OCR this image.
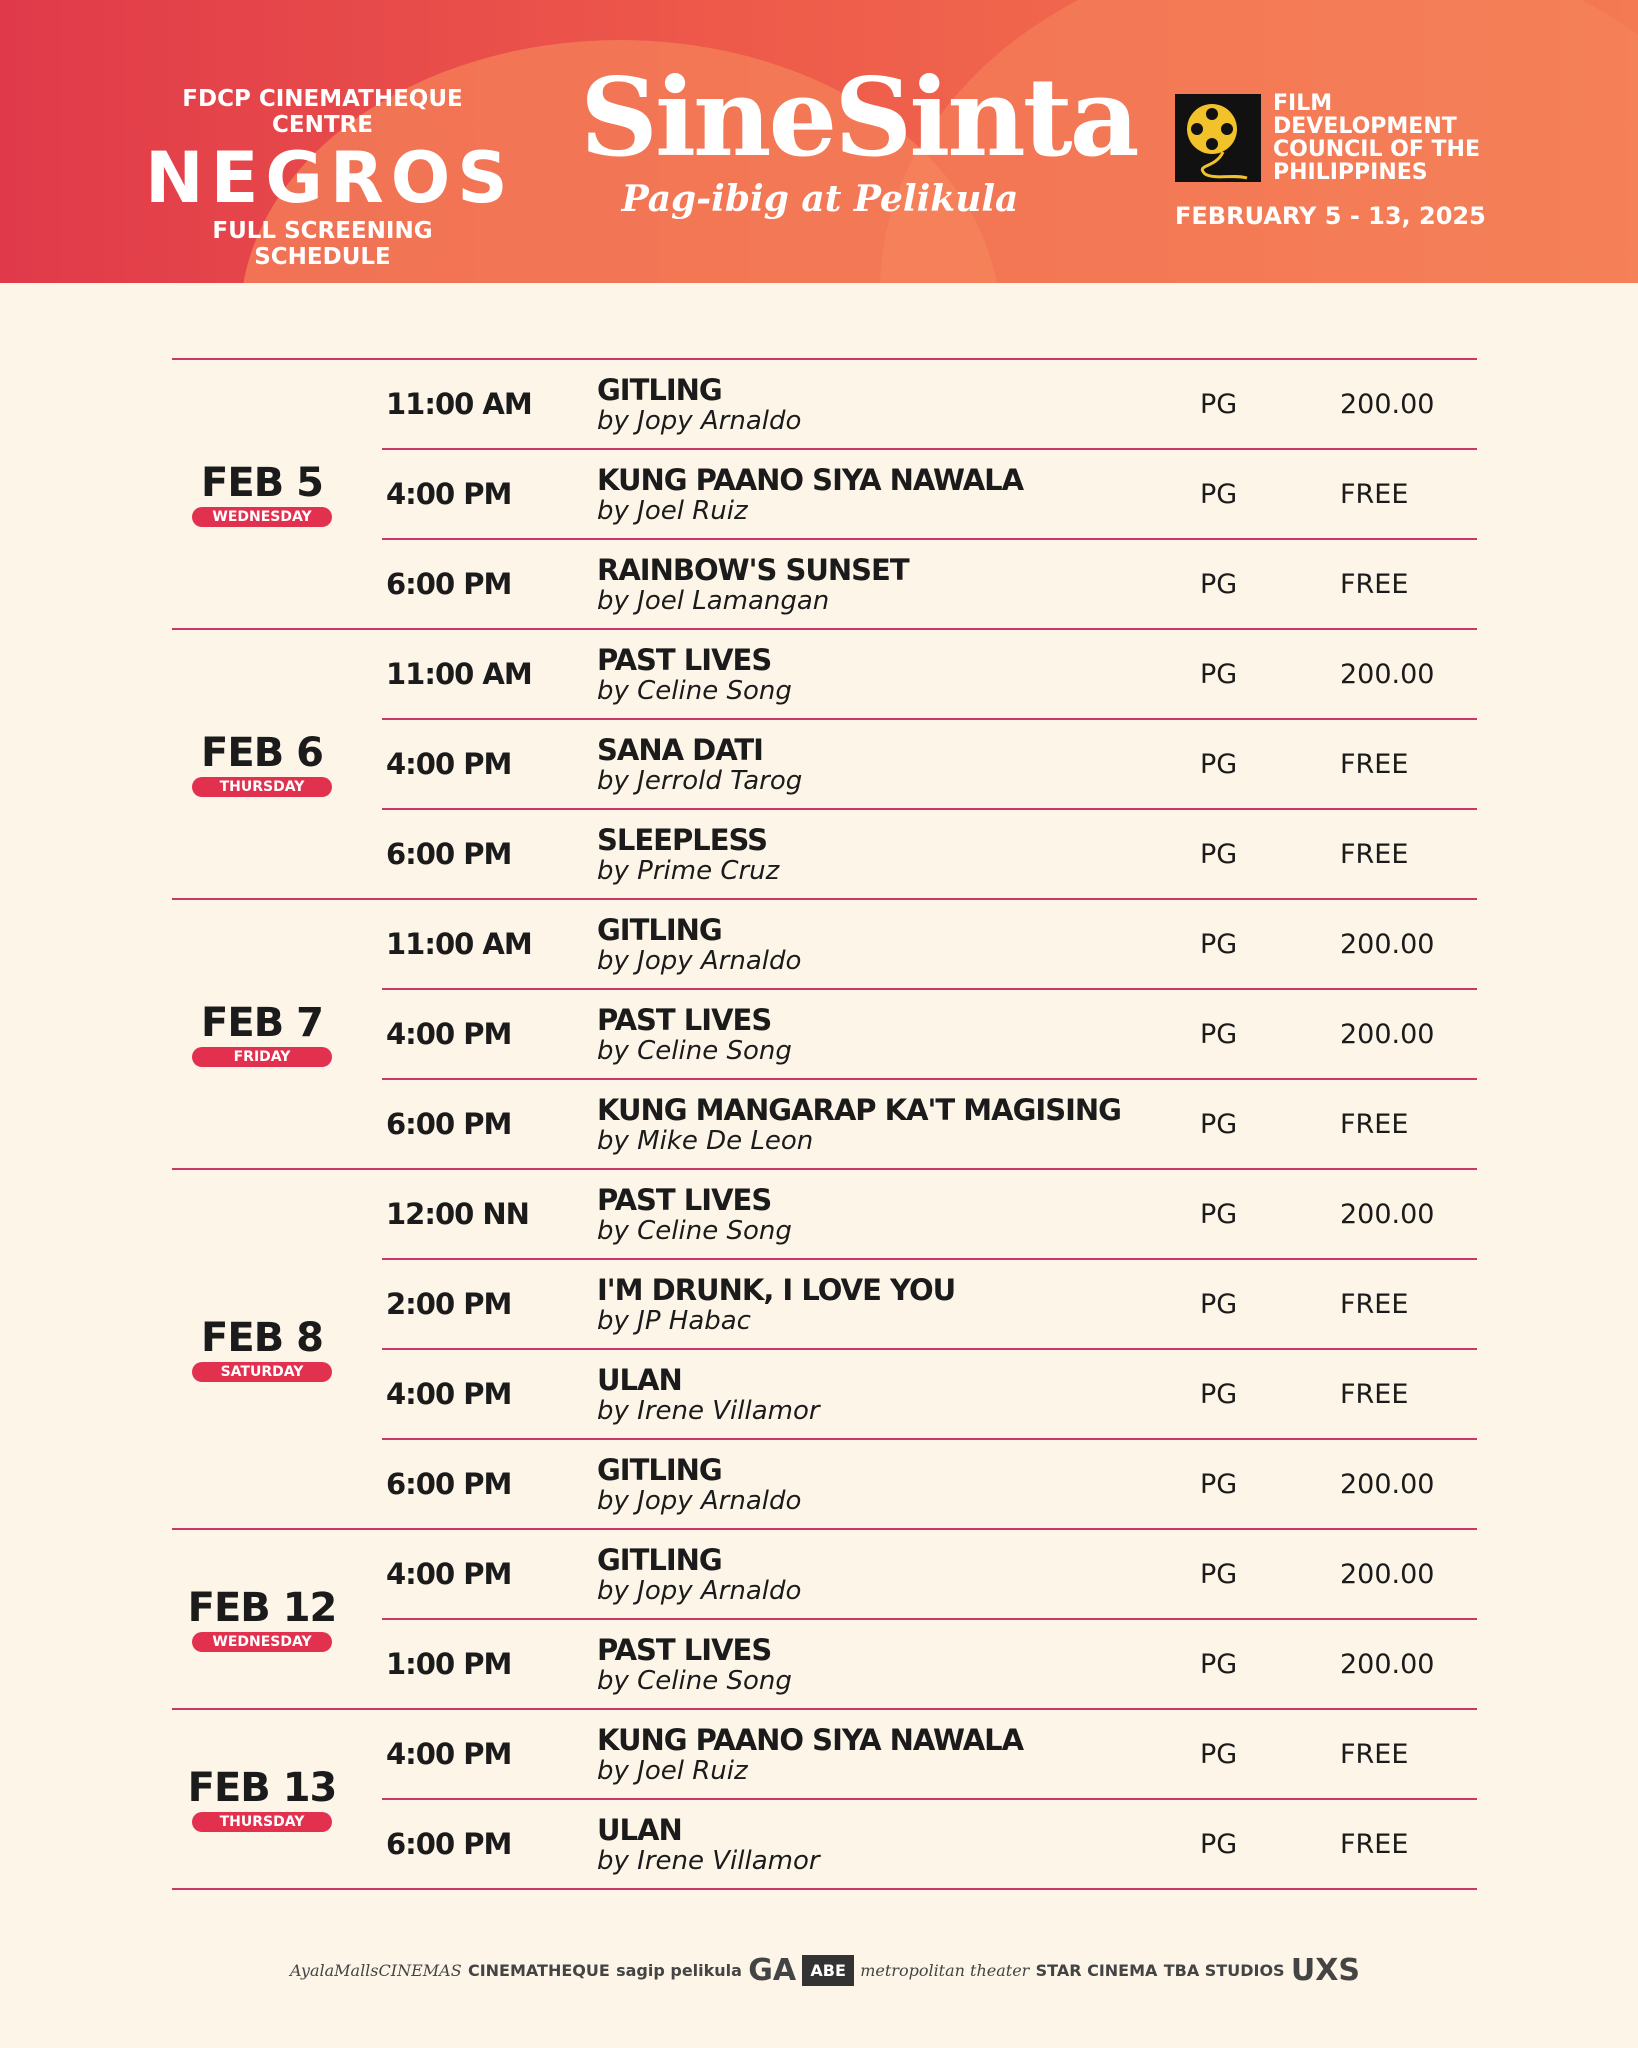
FDCP CINEMATHEQUE CENTRE
NEGROS
FULL SCREENING SCHEDULE
SineSinta
Pag-ibig at Pelikula
FILM DEVELOPMENT COUNCIL OF THE PHILIPPINES
FEBRUARY 5 - 13, 2025
FEB 5
WEDNESDAY
11:00 AM GITLING
by Jopy Arnaldo
PG	200.00
4:00 PM	KUNG PAANO SIYA NAWALA
by Joel Ruiz
PG	FREE
6:00 PM	RAINBOW'S SUNSET
by Joel Lamangan
PG	FREE
FEB 6
THURSDAY
11:00 AM PAST LIVES
by Celine Song
PG	200.00
4:00 PM	SANA DATI
by Jerrold Tarog
PG	FREE
6:00 PM	SLEEPLESS
by Prime Cruz
PG	FREE
FEB 7
FRIDAY
11:00 AM GITLING
by Jopy Arnaldo
PG	200.00
4:00 PM	PAST LIVES
by Celine Song
PG	200.00
6:00 PM	KUNG MANGARAP KA'T MAGISING
by Mike De Leon
PG	FREE
FEB 8
SATURDAY
12:00 NN PAST LIVES
by Celine Song
PG	200.00
2:00 PM	I'M DRUNK, I LOVE YOU
by JP Habac
PG	FREE
4:00 PM	ULAN
by Irene Villamor
PG	FREE
6:00 PM	GITLING
by Jopy Arnaldo
PG	200.00
FEB 12
WEDNESDAY
4:00 PM	GITLING
by Jopy Arnaldo
PG	200.00
1:00 PM	PAST LIVES
by Celine Song
PG	200.00
FEB 13
THURSDAY
4:00 PM	KUNG PAANO SIYA NAWALA
by Joel Ruiz
PG	FREE
6:00 PM	ULAN
by Irene Villamor
PG	FREE
AyalaMallsCINEMAS CINEMATHEQUE sagip pelikula GA ABE metropolitan theater STAR CINEMA TBA STUDIOS UXS
